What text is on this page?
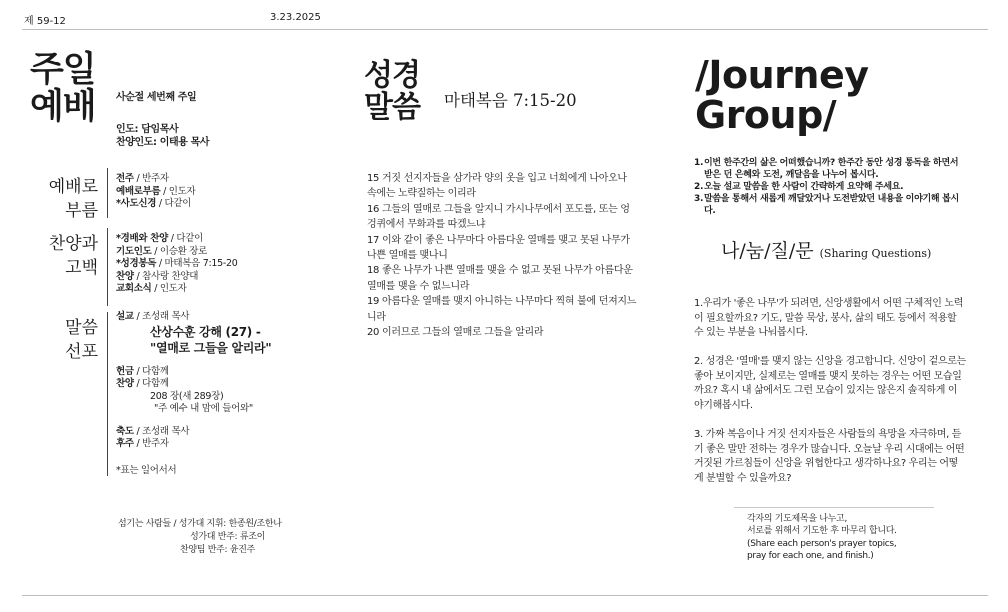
제 59-12	3.23.2025
주일
예배	사순절 세번째 주일
인도: 담임목사
찬양인도: 이태용 목사
예배로
부름
찬양과
고백
말씀
선포
전주 / 반주자
예배로부름 / 인도자
*사도신경 / 다같이
*경배와 찬양 / 다같이
기도인도 / 이승환 장로
*성경봉독 / 마태복음 7:15-20
찬양 / 참사랑 찬양대
교회소식 / 인도자
설교 / 조성래 목사
산상수훈 강해 (27) -
"열매로 그들을 알리라"
헌금 / 다함께
찬양 / 다함께
208 장(새 289장)
"주 예수 내 맘에 들어와"
축도 / 조성래 목사
후주 / 반주자
*표는 일어서서
섬기는 사람들 / 성가대 지휘: 한종원/조한나
성가대 반주: 류조이
찬양팀 반주: 윤진주
성경
말씀 마태복음 7:15-20

15 거짓 선지자들을 삼가라 양의 옷을 입고 너희에게 나아오나 속에는 노략질하는 이리라

16 그들의 열매로 그들을 알지니 가시나무에서 포도를, 또는 엉겅퀴에서 무화과를 따겠느냐

17 이와 같이 좋은 나무마다 아름다운 열매를 맺고 못된 나무가 나쁜 열매를 맺나니

18 좋은 나무가 나쁜 열매를 맺을 수 없고 못된 나무가 아름다운 열매를 맺을 수 없느니라

19 아름다운 열매를 맺지 아니하는 나무마다 찍혀 불에 던져지느니라

20 이러므로 그들의 열매로 그들을 알리라

/Journey
Group/
1. 이번 한주간의 삶은 어떠했습니까? 한주간 동안 성경 통독을 하면서 받은 던 은혜와 도전, 깨달음을 나누어 봅시다.
2. 오늘 설교 말씀을 한 사람이 간략하게 요약해 주세요.
3. 말씀을 통해서 새롭게 깨달았거나 도전받았던 내용을 이야기해 봅시다.
나/눔/질/문 (Sharing Questions)

1.우리가 '좋은 나무'가 되려면, 신앙생활에서 어떤 구체적인 노력이 필요할까요? 기도, 말씀 묵상, 봉사, 삶의 태도 등에서 적용할 수 있는 부분을 나눠봅시다.

2. 성경은 '열매'를 맺지 않는 신앙을 경고합니다. 신앙이 겉으로는 좋아 보이지만, 실제로는 열매를 맺지 못하는 경우는 어떤 모습일까요? 혹시 내 삶에서도 그런 모습이 있지는 않은지 솔직하게 이야기해봅시다.

3. 가짜 복음이나 거짓 선지자들은 사람들의 욕망을 자극하며, 듣기 좋은 말만 전하는 경우가 많습니다. 오늘날 우리 시대에는 어떤 거짓된 가르침들이 신앙을 위협한다고 생각하나요? 우리는 어떻게 분별할 수 있을까요?

각자의 기도제목을 나누고,
서로를 위해서 기도한 후 마무리 합니다.
(Share each person's prayer topics,
pray for each one, and finish.)
